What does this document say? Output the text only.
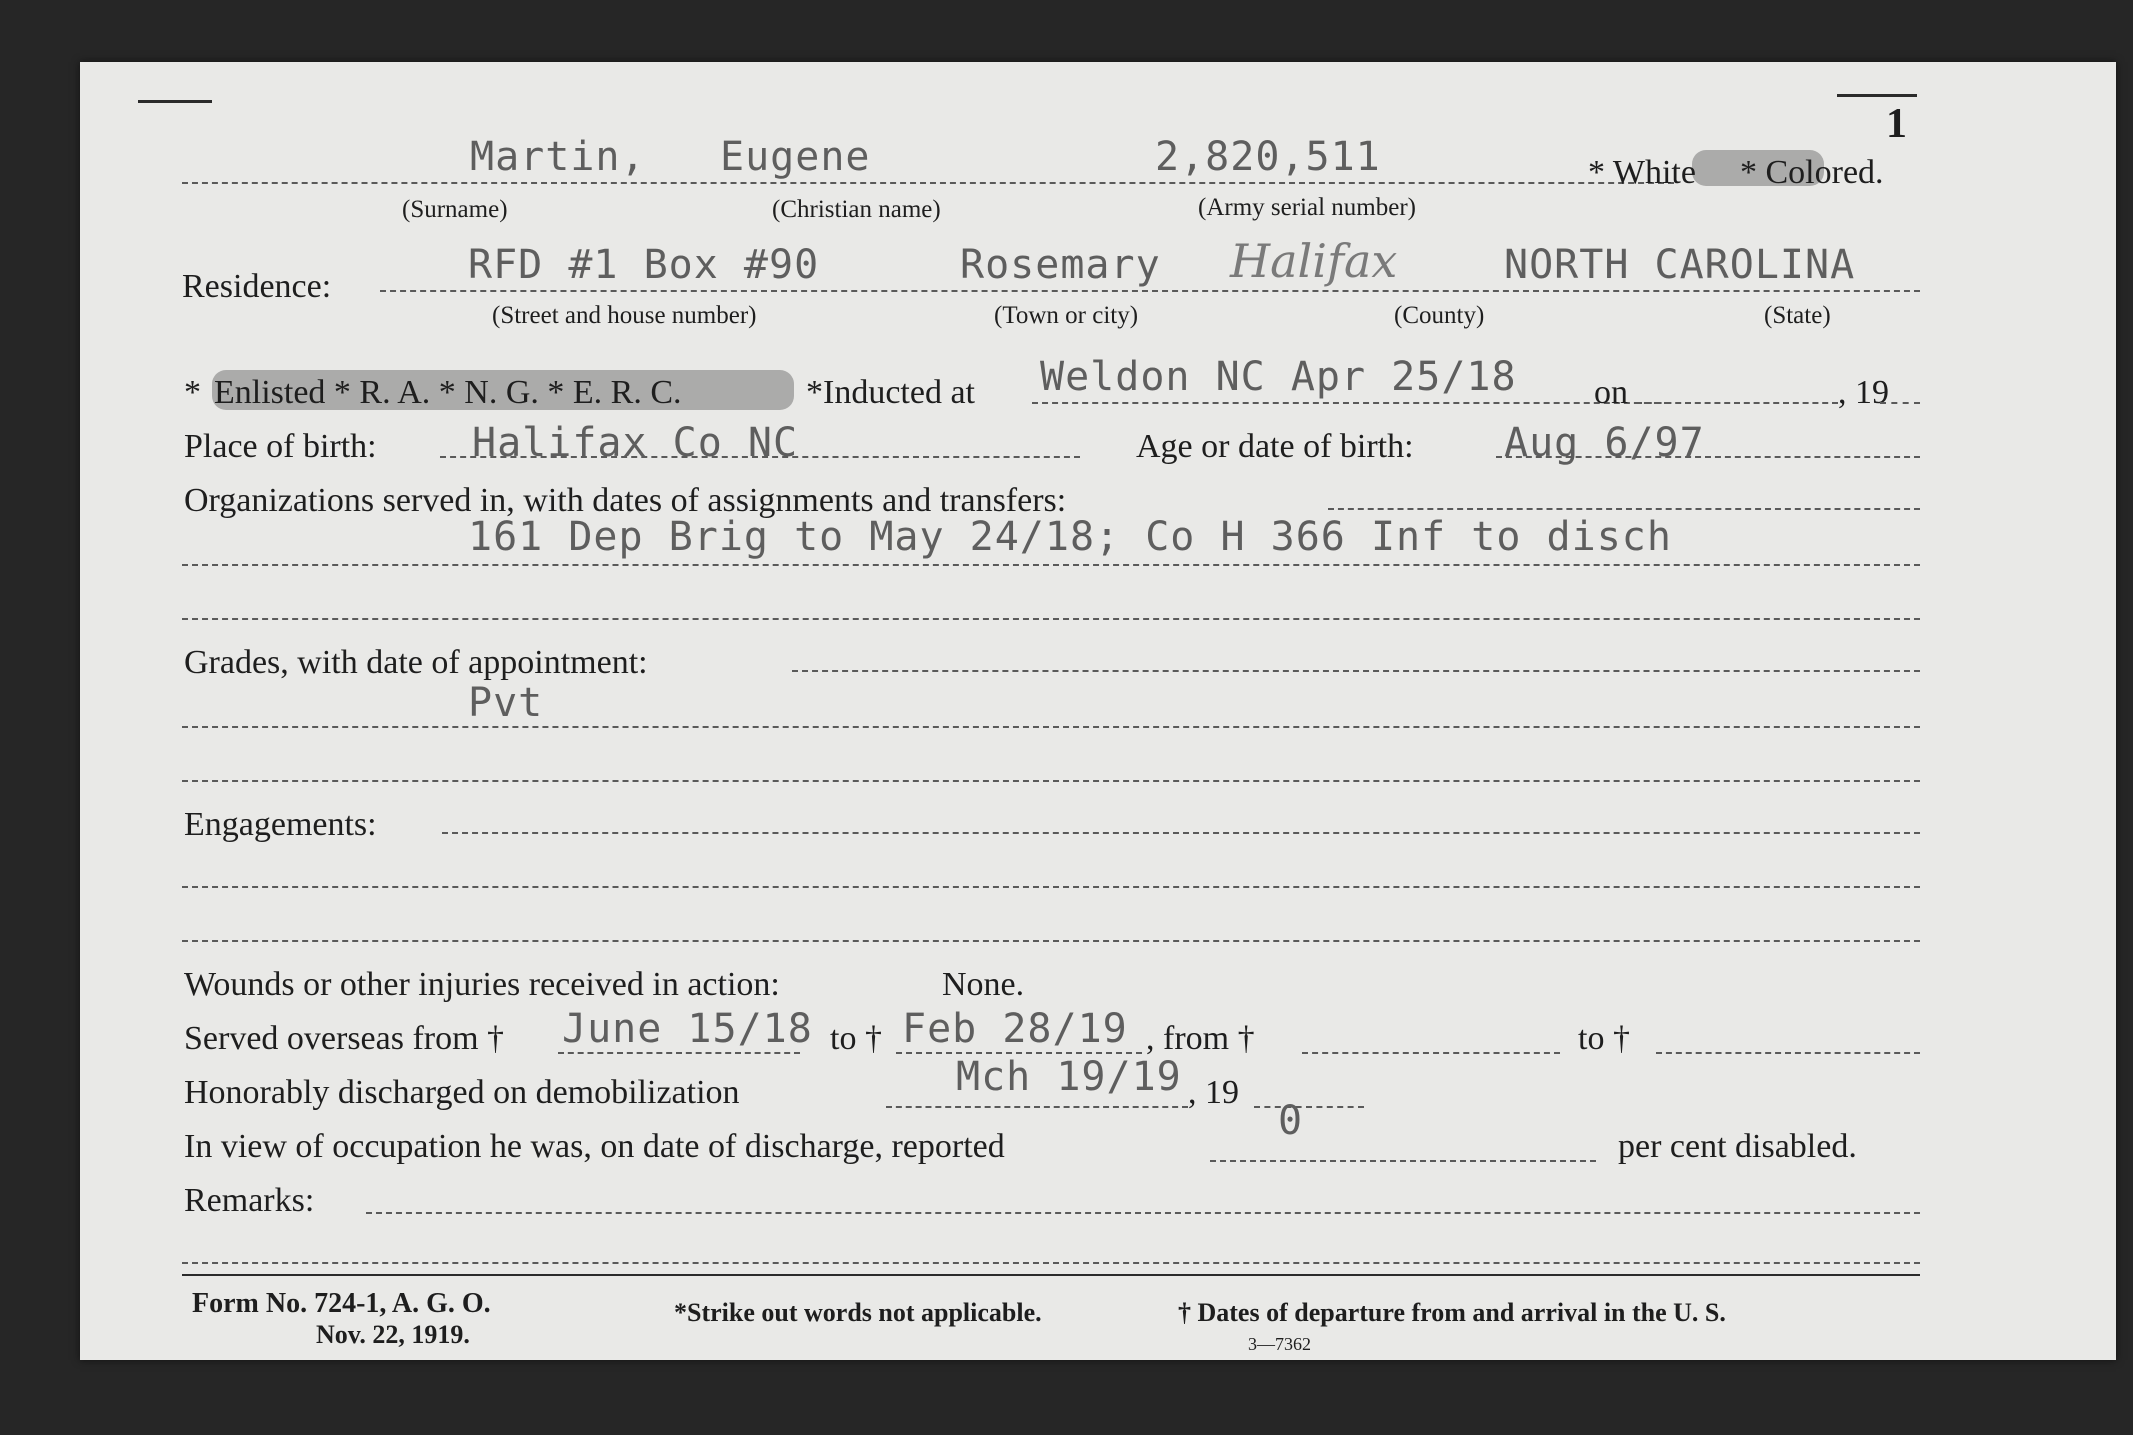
1
Martin, Eugene	2,820,511	* White * Colored.
(Surname)	(Christian name)	(Army serial number)
Residence:	RFD #1 Box #90	Rosemary Halifax	NORTH CAROLINA
(Street and house number)	(Town or city)	(County)	(State)
* Enlisted * R. A. * N. G. * E. R. C.	*Inducted at Weldon NC Apr 25/18 on	, 19
Place of birth: Halifax Co NC	Age or date of birth: Aug 6/97
Organizations served in, with dates of assignments and transfers:
161 Dep Brig to May 24/18; Co H 366 Inf to disch
Grades, with date of appointment:
Pvt
Engagements:
Wounds or other injuries received in action:	None.
Served overseas from † June 15/18 to † Feb 28/19 , from †	to †
Honorably discharged on demobilization	Mch 19/19 , 19
In view of occupation he was, on date of discharge, reported
0
per cent disabled.
Remarks:
Form No. 724-1, A. G. O.
Nov. 22, 1919.
*Strike out words not applicable.	† Dates of departure from and arrival in the U. S.
3—7362
